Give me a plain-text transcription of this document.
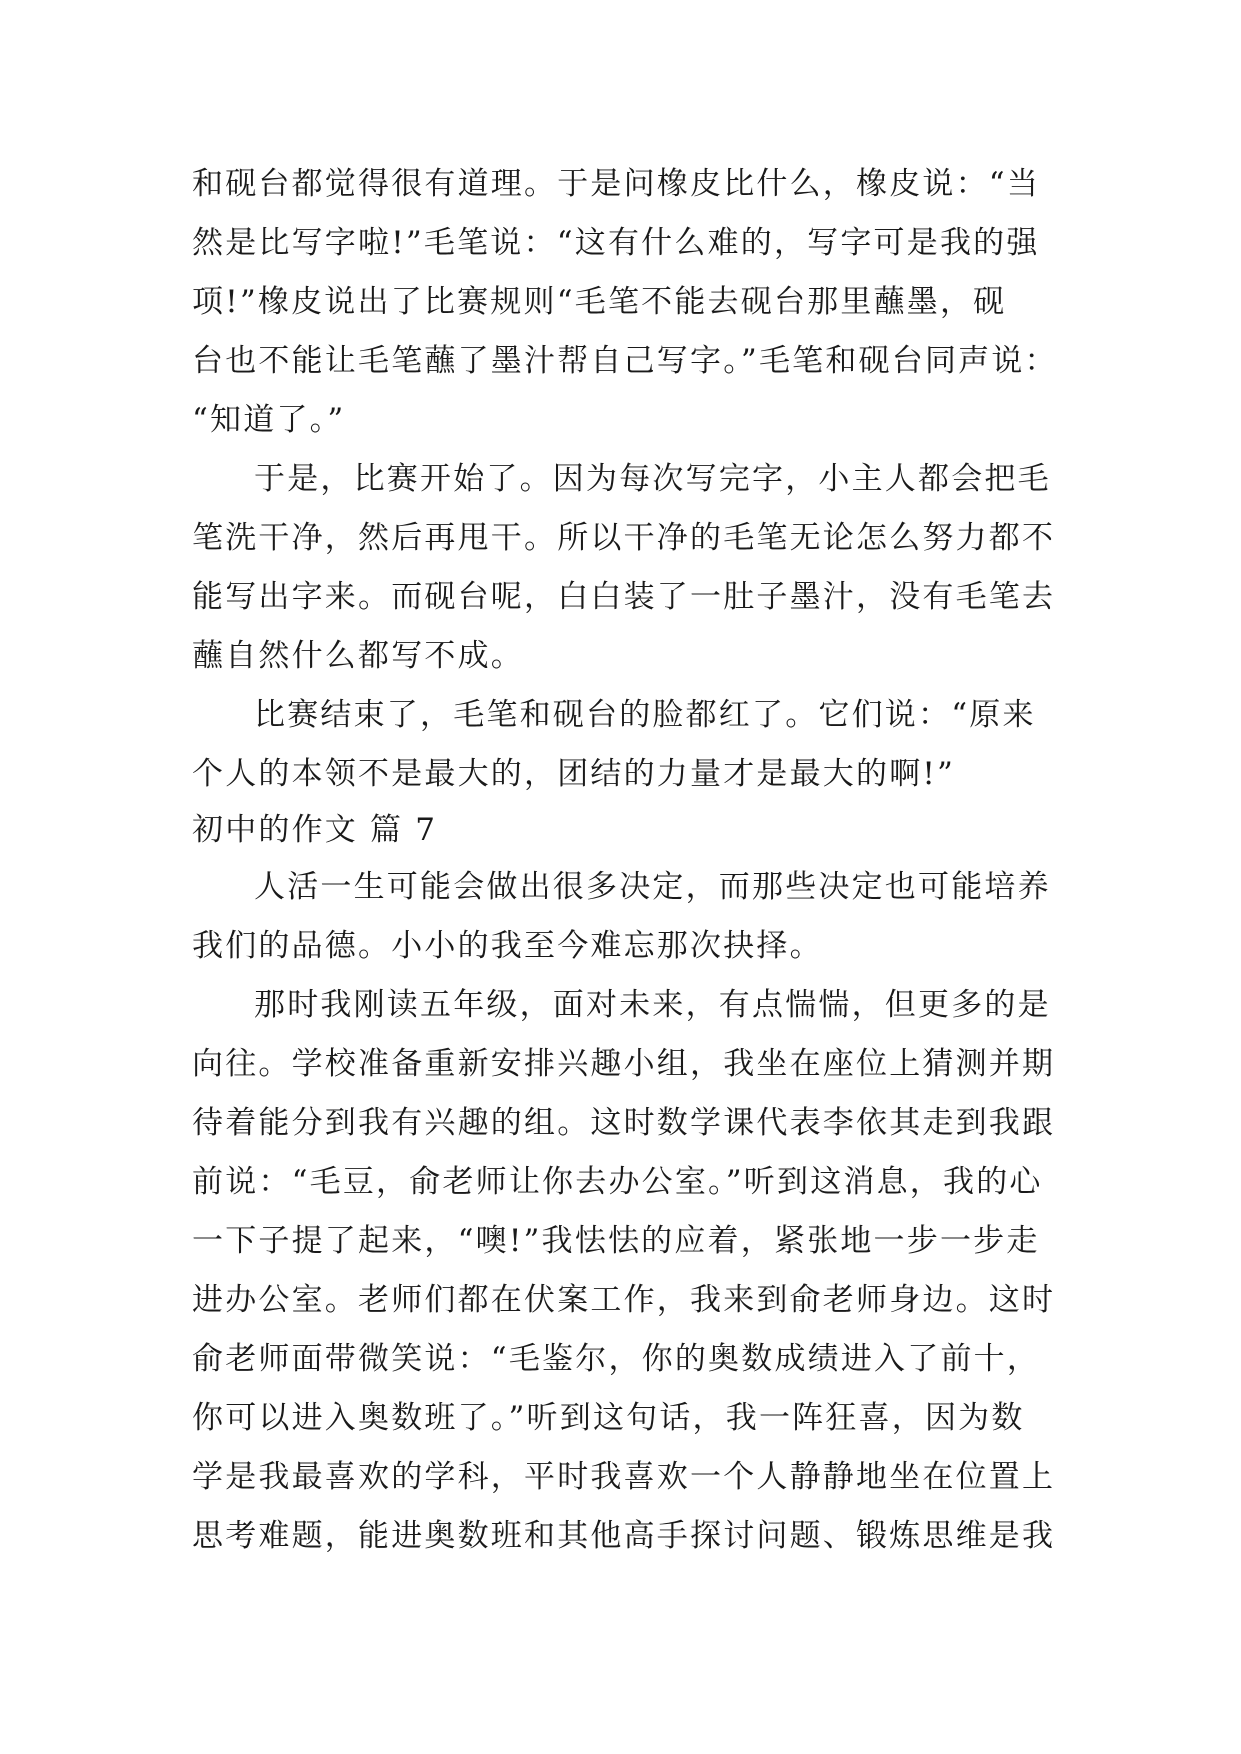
和砚台都觉得很有道理。于是问橡皮比什么，橡皮说：“当
然是比写字啦!”毛笔说：“这有什么难的，写字可是我的强
项!”橡皮说出了比赛规则“毛笔不能去砚台那里蘸墨，砚
台也不能让毛笔蘸了墨汁帮自己写字。”毛笔和砚台同声说：
“知道了。”
于是，比赛开始了。因为每次写完字，小主人都会把毛
笔洗干净，然后再甩干。所以干净的毛笔无论怎么努力都不
能写出字来。而砚台呢，白白装了一肚子墨汁，没有毛笔去
蘸自然什么都写不成。
比赛结束了，毛笔和砚台的脸都红了。它们说：“原来
个人的本领不是最大的，团结的力量才是最大的啊!”
初中的作文 篇 7
人活一生可能会做出很多决定，而那些决定也可能培养
我们的品德。小小的我至今难忘那次抉择。
那时我刚读五年级，面对未来，有点惴惴，但更多的是
向往。学校准备重新安排兴趣小组，我坐在座位上猜测并期
待着能分到我有兴趣的组。这时数学课代表李依其走到我跟
前说：“毛豆，俞老师让你去办公室。”听到这消息，我的心
一下子提了起来，“噢!”我怯怯的应着，紧张地一步一步走
进办公室。老师们都在伏案工作，我来到俞老师身边。这时
俞老师面带微笑说：“毛鉴尔，你的奥数成绩进入了前十，
你可以进入奥数班了。”听到这句话，我一阵狂喜，因为数
学是我最喜欢的学科，平时我喜欢一个人静静地坐在位置上
思考难题，能进奥数班和其他高手探讨问题、锻炼思维是我
